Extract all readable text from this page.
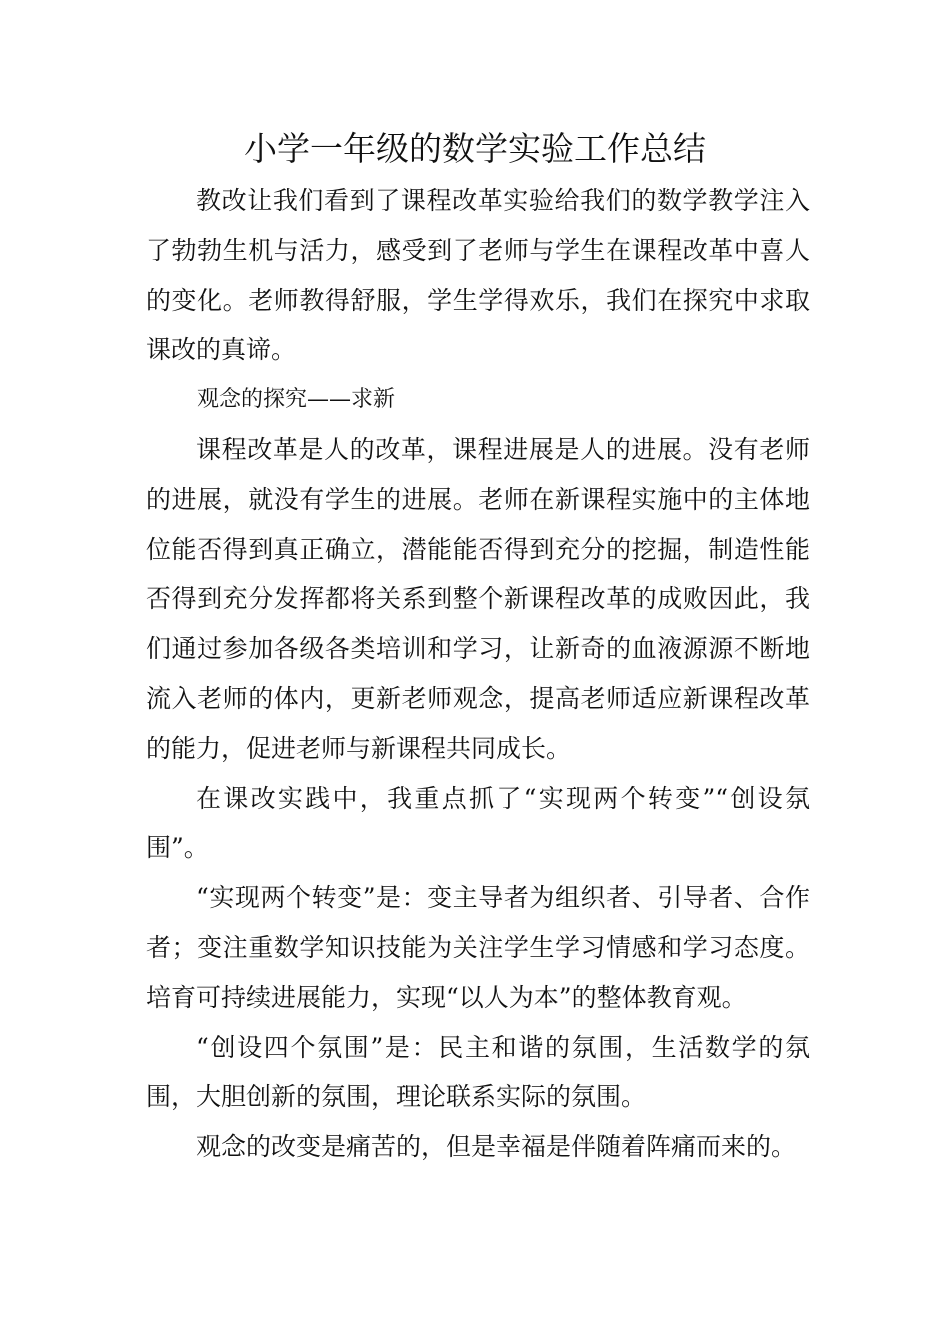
小学一年级的数学实验工作总结

教改让我们看到了课程改革实验给我们的数学教学注入了勃勃生机与活力，感受到了老师与学生在课程改革中喜人的变化。老师教得舒服，学生学得欢乐，我们在探究中求取课改的真谛。

观念的探究——求新

课程改革是人的改革，课程进展是人的进展。没有老师的进展，就没有学生的进展。老师在新课程实施中的主体地位能否得到真正确立，潜能能否得到充分的挖掘，制造性能否得到充分发挥都将关系到整个新课程改革的成败因此，我们通过参加各级各类培训和学习，让新奇的血液源源不断地流入老师的体内，更新老师观念，提高老师适应新课程改革的能力，促进老师与新课程共同成长。

在课改实践中，我重点抓了“实现两个转变”“创设氛围”。

“实现两个转变”是：变主导者为组织者、引导者、合作者；变注重数学知识技能为关注学生学习情感和学习态度。培育可持续进展能力，实现“以人为本”的整体教育观。

“创设四个氛围”是：民主和谐的氛围，生活数学的氛围，大胆创新的氛围，理论联系实际的氛围。

观念的改变是痛苦的，但是幸福是伴随着阵痛而来的。
